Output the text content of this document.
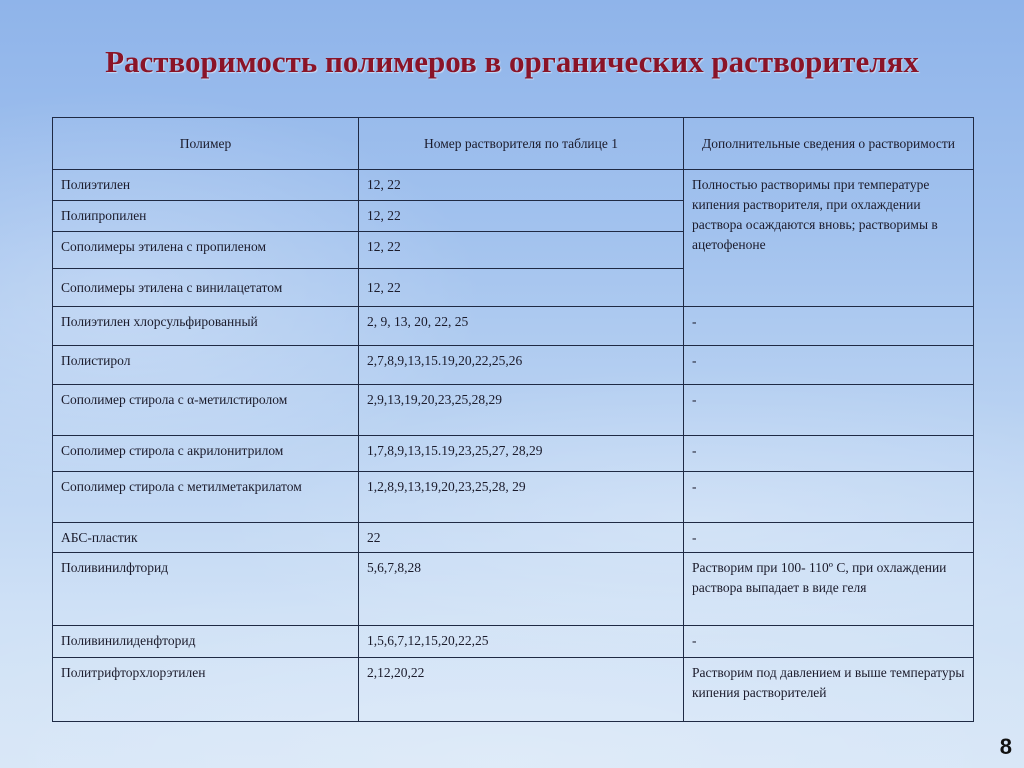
Растворимость полимеров в органических растворителях
Полимер	Номер растворителя по таблице 1	Дополнительные сведения о растворимости
Полиэтилен	12, 22	Полностью растворимы при температуре кипения растворителя, при охлаждении раствора осаждаются вновь; растворимы в ацетофеноне
Полипропилен	12, 22	
Сополимеры этилена с пропиленом	12, 22	
Сополимеры этилена с винилацетатом	12, 22	
Полиэтилен хлорсульфированный	2, 9, 13, 20, 22, 25	-
Полистирол	2,7,8,9,13,15.19,20,22,25,26	-
Сополимер стирола с α-метилстиролом	2,9,13,19,20,23,25,28,29	-
Сополимер стирола с акрилонитрилом	1,7,8,9,13,15.19,23,25,27, 28,29	-
Сополимер стирола с метилметакрилатом	1,2,8,9,13,19,20,23,25,28, 29	-
АБС-пластик	22	-
Поливинилфторид	5,6,7,8,28	Растворим при 100- 110º С, при охлаждении раствора выпадает в виде геля
Поливинилиденфторид	1,5,6,7,12,15,20,22,25	-
Политрифторхлорэтилен	2,12,20,22	Растворим под давлением и выше температуры кипения растворителей
8
